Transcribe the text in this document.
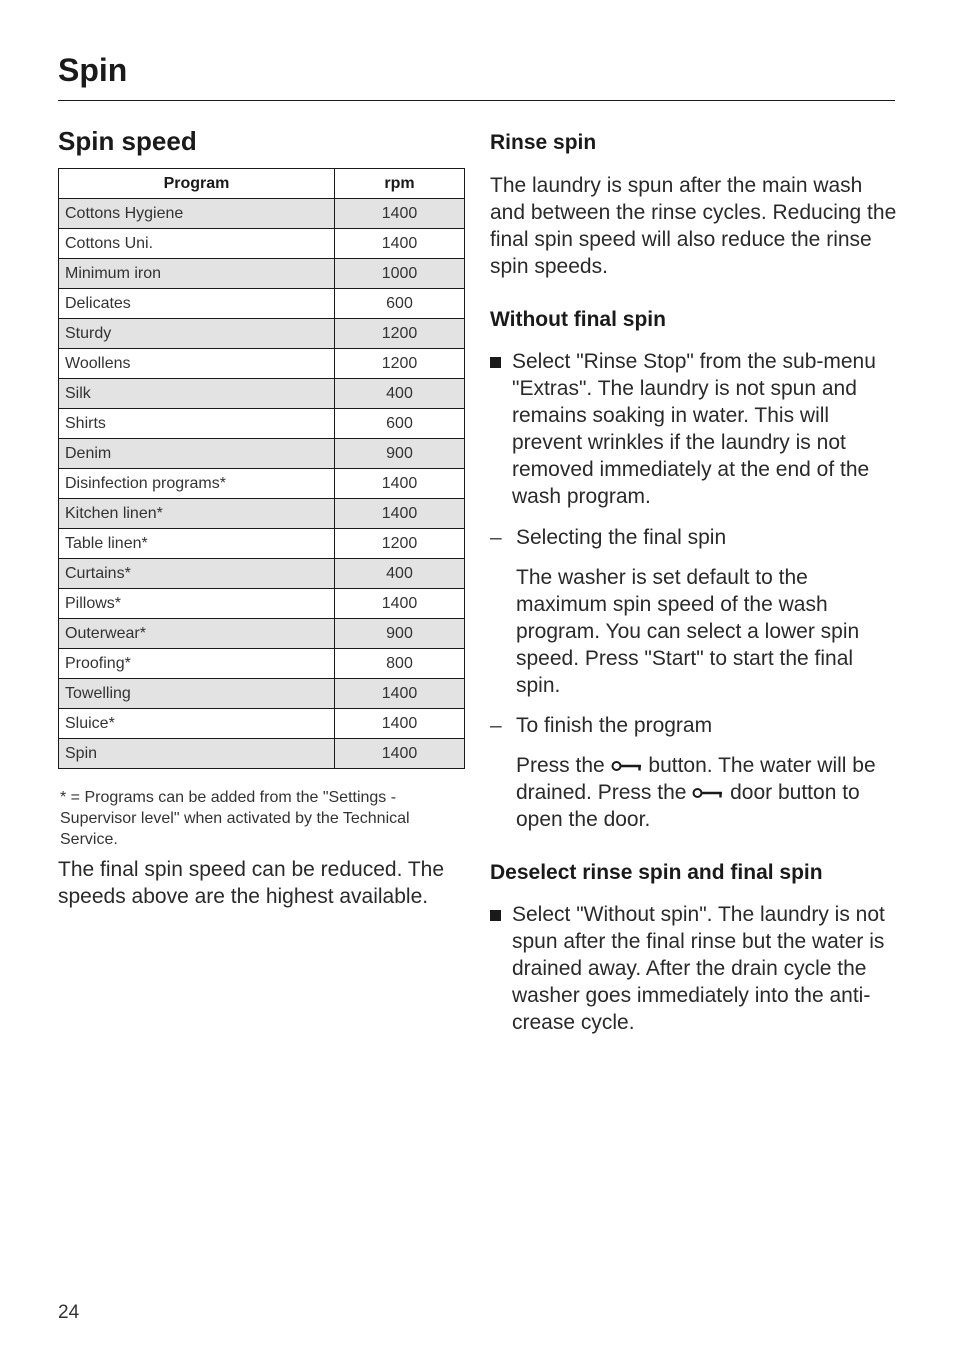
Spin
Spin speed
Program	rpm
Cottons Hygiene	1400
Cottons Uni.	1400
Minimum iron	1000
Delicates	600
Sturdy	1200
Woollens	1200
Silk	400
Shirts	600
Denim	900
Disinfection programs*	1400
Kitchen linen*	1400
Table linen*	1200
Curtains*	400
Pillows*	1400
Outerwear*	900
Proofing*	800
Towelling	1400
Sluice*	1400
Spin	1400

* = Programs can be added from the "Settings - Supervisor level" when activated by the Technical Service.

The final spin speed can be reduced. The speeds above are the highest available.

Rinse spin

The laundry is spun after the main wash and between the rinse cycles. Reducing the final spin speed will also reduce the rinse spin speeds.

Without final spin
Select "Rinse Stop" from the sub-menu "Extras". The laundry is not spun and remains soaking in water. This will prevent wrinkles if the laundry is not removed immediately at the end of the wash program.
– Selecting the final spin

The washer is set default to the maximum spin speed of the wash program. You can select a lower spin speed. Press "Start" to start the final spin.

– To finish the program

Press the button. The water will be drained. Press the door button to open the door.

Deselect rinse spin and final spin
Select "Without spin". The laundry is not spun after the final rinse but the water is drained away. After the drain cycle the washer goes immediately into the anti-crease cycle.
24
